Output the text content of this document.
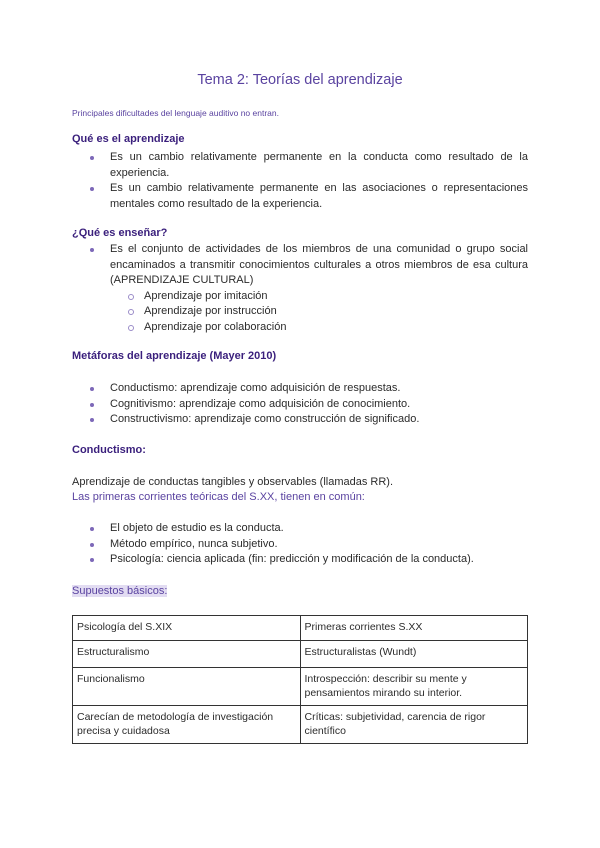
Tema 2: Teorías del aprendizaje
Principales dificultades del lenguaje auditivo no entran.
Qué es el aprendizaje
Es un cambio relativamente permanente en la conducta como resultado de la experiencia.
Es un cambio relativamente permanente en las asociaciones o representaciones mentales como resultado de la experiencia.
¿Qué es enseñar?
Es el conjunto de actividades de los miembros de una comunidad o grupo social encaminados a transmitir conocimientos culturales a otros miembros de esa cultura (APRENDIZAJE CULTURAL)
Aprendizaje por imitación
Aprendizaje por instrucción
Aprendizaje por colaboración
Metáforas del aprendizaje (Mayer 2010)
Conductismo: aprendizaje como adquisición de respuestas.
Cognitivismo: aprendizaje como adquisición de conocimiento.
Constructivismo: aprendizaje como construcción de significado.
Conductismo:
Aprendizaje de conductas tangibles y observables (llamadas RR).
Las primeras corrientes teóricas del S.XX, tienen en común:
El objeto de estudio es la conducta.
Método empírico, nunca subjetivo.
Psicología: ciencia aplicada (fin: predicción y modificación de la conducta).
Supuestos básicos:
Psicología del S.XIX	Primeras corrientes S.XX
Estructuralismo	Estructuralistas (Wundt)
Funcionalismo	Introspección: describir su mente y pensamientos mirando su interior.
Carecían de metodología de investigación precisa y cuidadosa	Críticas: subjetividad, carencia de rigor científico
